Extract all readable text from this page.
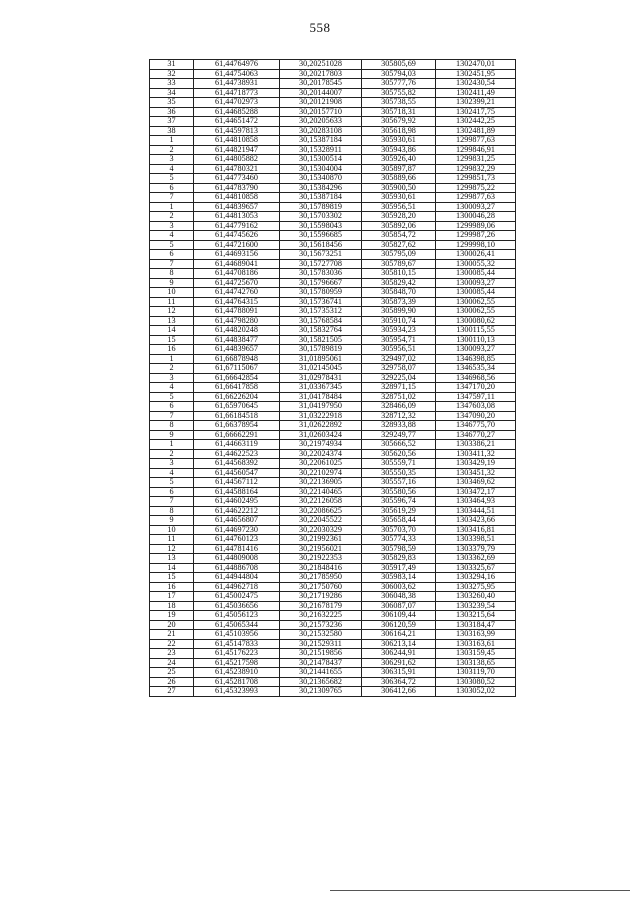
558
31	61,44764976	30,20251028	305805,69	1302470,01
32	61,44754063	30,20217803	305794,03	1302451,95
33	61,44738931	30,20178545	305777,76	1302430,54
34	61,44718773	30,20144007	305755,82	1302411,49
35	61,44702973	30,20121908	305738,55	1302399,21
36	61,44685288	30,20157710	305718,31	1302417,75
37	61,44651472	30,20205633	305679,92	1302442,25
38	61,44597813	30,20283108	305618,98	1302481,89
1	61,44810858	30,15387184	305930,61	1299877,63
2	61,44821947	30,15328911	305943,86	1299846,91
3	61,44805882	30,15300514	305926,40	1299831,25
4	61,44780321	30,15304004	305897,87	1299832,29
5	61,44773460	30,15340870	305889,66	1299851,73
6	61,44783790	30,15384296	305900,50	1299875,22
7	61,44810858	30,15387184	305930,61	1299877,63
1	61,44839657	30,15789819	305956,51	1300093,27
2	61,44813053	30,15703302	305928,20	1300046,28
3	61,44779162	30,15598043	305892,06	1299989,06
4	61,44745626	30,15596685	305854,72	1299987,26
5	61,44721600	30,15618456	305827,62	1299998,10
6	61,44693156	30,15673251	305795,09	1300026,41
7	61,44689041	30,15727708	305789,67	1300055,32
8	61,44708186	30,15783036	305810,15	1300085,44
9	61,44725670	30,15796667	305829,42	1300093,27
10	61,44742760	30,15780959	305848,70	1300085,44
11	61,44764315	30,15736741	305873,39	1300062,55
12	61,44788091	30,15735312	305899,90	1300062,55
13	61,44798280	30,15768584	305910,74	1300080,62
14	61,44820248	30,15832764	305934,23	1300115,55
15	61,44838477	30,15821505	305954,71	1300110,13
16	61,44839657	30,15789819	305956,51	1300093,27
1	61,66878948	31,01895061	329497,02	1346398,85
2	61,67115067	31,02145045	329758,07	1346535,34
3	61,66642854	31,02978431	329225,04	1346968,56
4	61,66417858	31,03367345	328971,15	1347170,20
5	61,66226204	31,04178484	328751,02	1347597,11
6	61,65970645	31,04197950	328466,09	1347603,08
7	61,66184518	31,03222918	328712,32	1347090,20
8	61,66378954	31,02622892	328933,88	1346775,70
9	61,66662291	31,02603424	329249,77	1346770,27
1	61,44663119	30,21974934	305666,52	1303386,21
2	61,44622523	30,22024374	305620,56	1303411,32
3	61,44568392	30,22061025	305559,71	1303429,19
4	61,44560547	30,22102974	305550,35	1303451,32
5	61,44567112	30,22136905	305557,16	1303469,62
6	61,44588164	30,22140465	305580,56	1303472,17
7	61,44602495	30,22126058	305596,74	1303464,93
8	61,44622212	30,22086625	305619,29	1303444,51
9	61,44656807	30,22045522	305658,44	1303423,66
10	61,44697230	30,22030329	305703,70	1303416,81
11	61,44760123	30,21992361	305774,33	1303398,51
12	61,44781416	30,21956021	305798,59	1303379,79
13	61,44809008	30,21922353	305829,83	1303362,69
14	61,44886708	30,21848416	305917,49	1303325,67
15	61,44944804	30,21785950	305983,14	1303294,16
16	61,44962718	30,21750760	306003,62	1303275,95
17	61,45002475	30,21719286	306048,38	1303260,40
18	61,45036656	30,21678179	306087,07	1303239,54
19	61,45056123	30,21632225	306109,44	1303215,64
20	61,45065344	30,21573236	306120,59	1303184,47
21	61,45103956	30,21532580	306164,21	1303163,99
22	61,45147833	30,21529311	306213,14	1303163,61
23	61,45176223	30,21519856	306244,91	1303159,45
24	61,45217598	30,21478437	306291,62	1303138,65
25	61,45238910	30,21441655	306315,91	1303119,70
26	61,45281708	30,21365682	306364,72	1303080,52
27	61,45323993	30,21309765	306412,66	1303052,02
